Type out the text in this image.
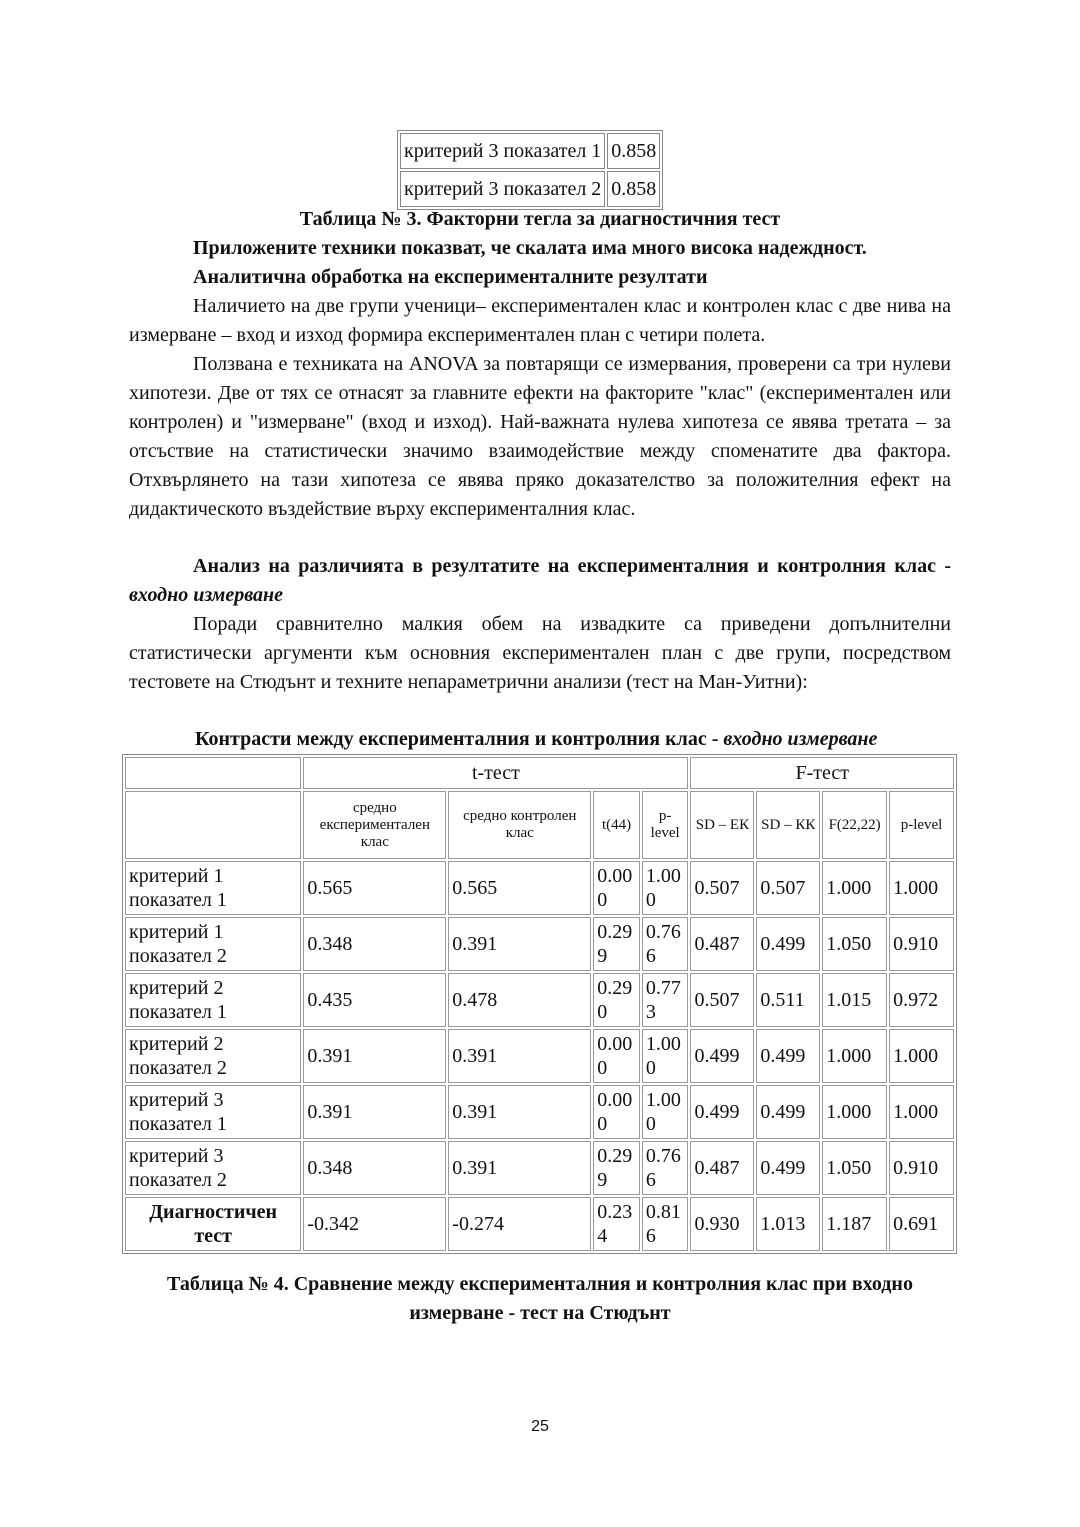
критерий 3 показател 1	0.858
критерий 3 показател 2	0.858

Таблица № 3. Факторни тегла за диагностичния тест

Приложените техники показват, че скалата има много висока надеждност.

Аналитична обработка на експерименталните резултати

Наличието на две групи ученици– експериментален клас и контролен клас с две нива на измерване – вход и изход формира експериментален план с четири полета.

Ползвана е техниката на ANOVA за повтарящи се измервания, проверени са три нулеви хипотези. Две от тях се отнасят за главните ефекти на факторите "клас" (експериментален или контролен) и "измерване" (вход и изход). Най-важната нулева хипотеза се явява третата – за отсъствие на статистически значимо взаимодействие между споменатите два фактора. Отхвърлянето на тази хипотеза се явява пряко доказателство за положителния ефект на дидактическото въздействие върху експерименталния клас.

Анализ на различията в резултатите на експерименталния и контролния клас - входно измерване

Поради сравнително малкия обем на извадките са приведени допълнителни статистически аргументи към основния експериментален план с две групи, посредством тестовете на Стюдънт и техните непараметрични анализи (тест на Ман-Уитни):

Контрасти между експерименталния и контролния клас - входно измерване

	t-тест				F-тест			
	средно експериментален клас	средно контролен клас	t(44)	p-level	SD – ЕК	SD – КК	F(22,22)	p-level
критерий 1 показател 1	0.565	0.565	0.000	1.000	0.507	0.507	1.000	1.000
критерий 1 показател 2	0.348	0.391	0.299	0.766	0.487	0.499	1.050	0.910
критерий 2 показател 1	0.435	0.478	0.290	0.773	0.507	0.511	1.015	0.972
критерий 2 показател 2	0.391	0.391	0.000	1.000	0.499	0.499	1.000	1.000
критерий 3 показател 1	0.391	0.391	0.000	1.000	0.499	0.499	1.000	1.000
критерий 3 показател 2	0.348	0.391	0.299	0.766	0.487	0.499	1.050	0.910
Диагностичен тест	-0.342	-0.274	0.234	0.816	0.930	1.013	1.187	0.691

Таблица № 4. Сравнение между експерименталния и контролния клас при входно измерване - тест на Стюдънт

25
